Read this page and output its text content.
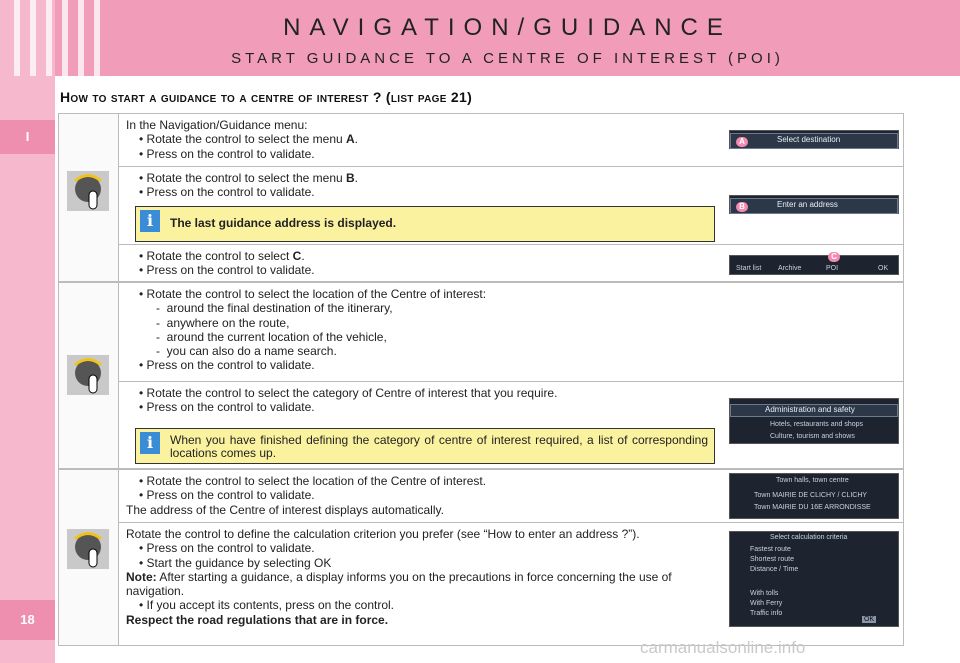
I
18
NAVIGATION/GUIDANCE
START GUIDANCE TO A CENTRE OF INTEREST (POI)
How to start a guidance to a centre of interest ? (list page 21)
In the Navigation/Guidance menu:
• Rotate the control to select the menu A.
• Press on the control to validate.
A	Select destination
• Rotate the control to select the menu B.
• Press on the control to validate.
i	The last guidance address is displayed.
B	Enter an address
• Rotate the control to select C.
• Press on the control to validate.
C
Start list Archive	POI	OK
• Rotate the control to select the location of the Centre of interest:
-  around the final destination of the itinerary,
-  anywhere on the route,
-  around the current location of the vehicle,
-  you can also do a name search.
• Press on the control to validate.
• Rotate the control to select the category of Centre of interest that you require.
• Press on the control to validate.
i	When you have finished defining the category of centre of interest required, a list of corresponding locations comes up.
Administration and safety
Hotels, restaurants and shops
Culture, tourism and shows
• Rotate the control to select the location of the Centre of interest.
• Press on the control to validate.
The address of the Centre of interest displays automatically.
Town halls, town centre
Town MAIRIE DE CLICHY / CLICHY
Town MAIRIE DU 16E ARRONDISSE
Rotate the control to define the calculation criterion you prefer (see “How to enter an address ?”).
• Press on the control to validate.
• Start the guidance by selecting OK
Note: After starting a guidance, a display informs you on the precautions in force concerning the use of navigation.
• If you accept its contents, press on the control.
Respect the road regulations that are in force.
Select calculation criteria
Fastest route
Shortest route
Distance / Time
With tolls
With Ferry
Traffic info
OK
carmanualsonline.info
